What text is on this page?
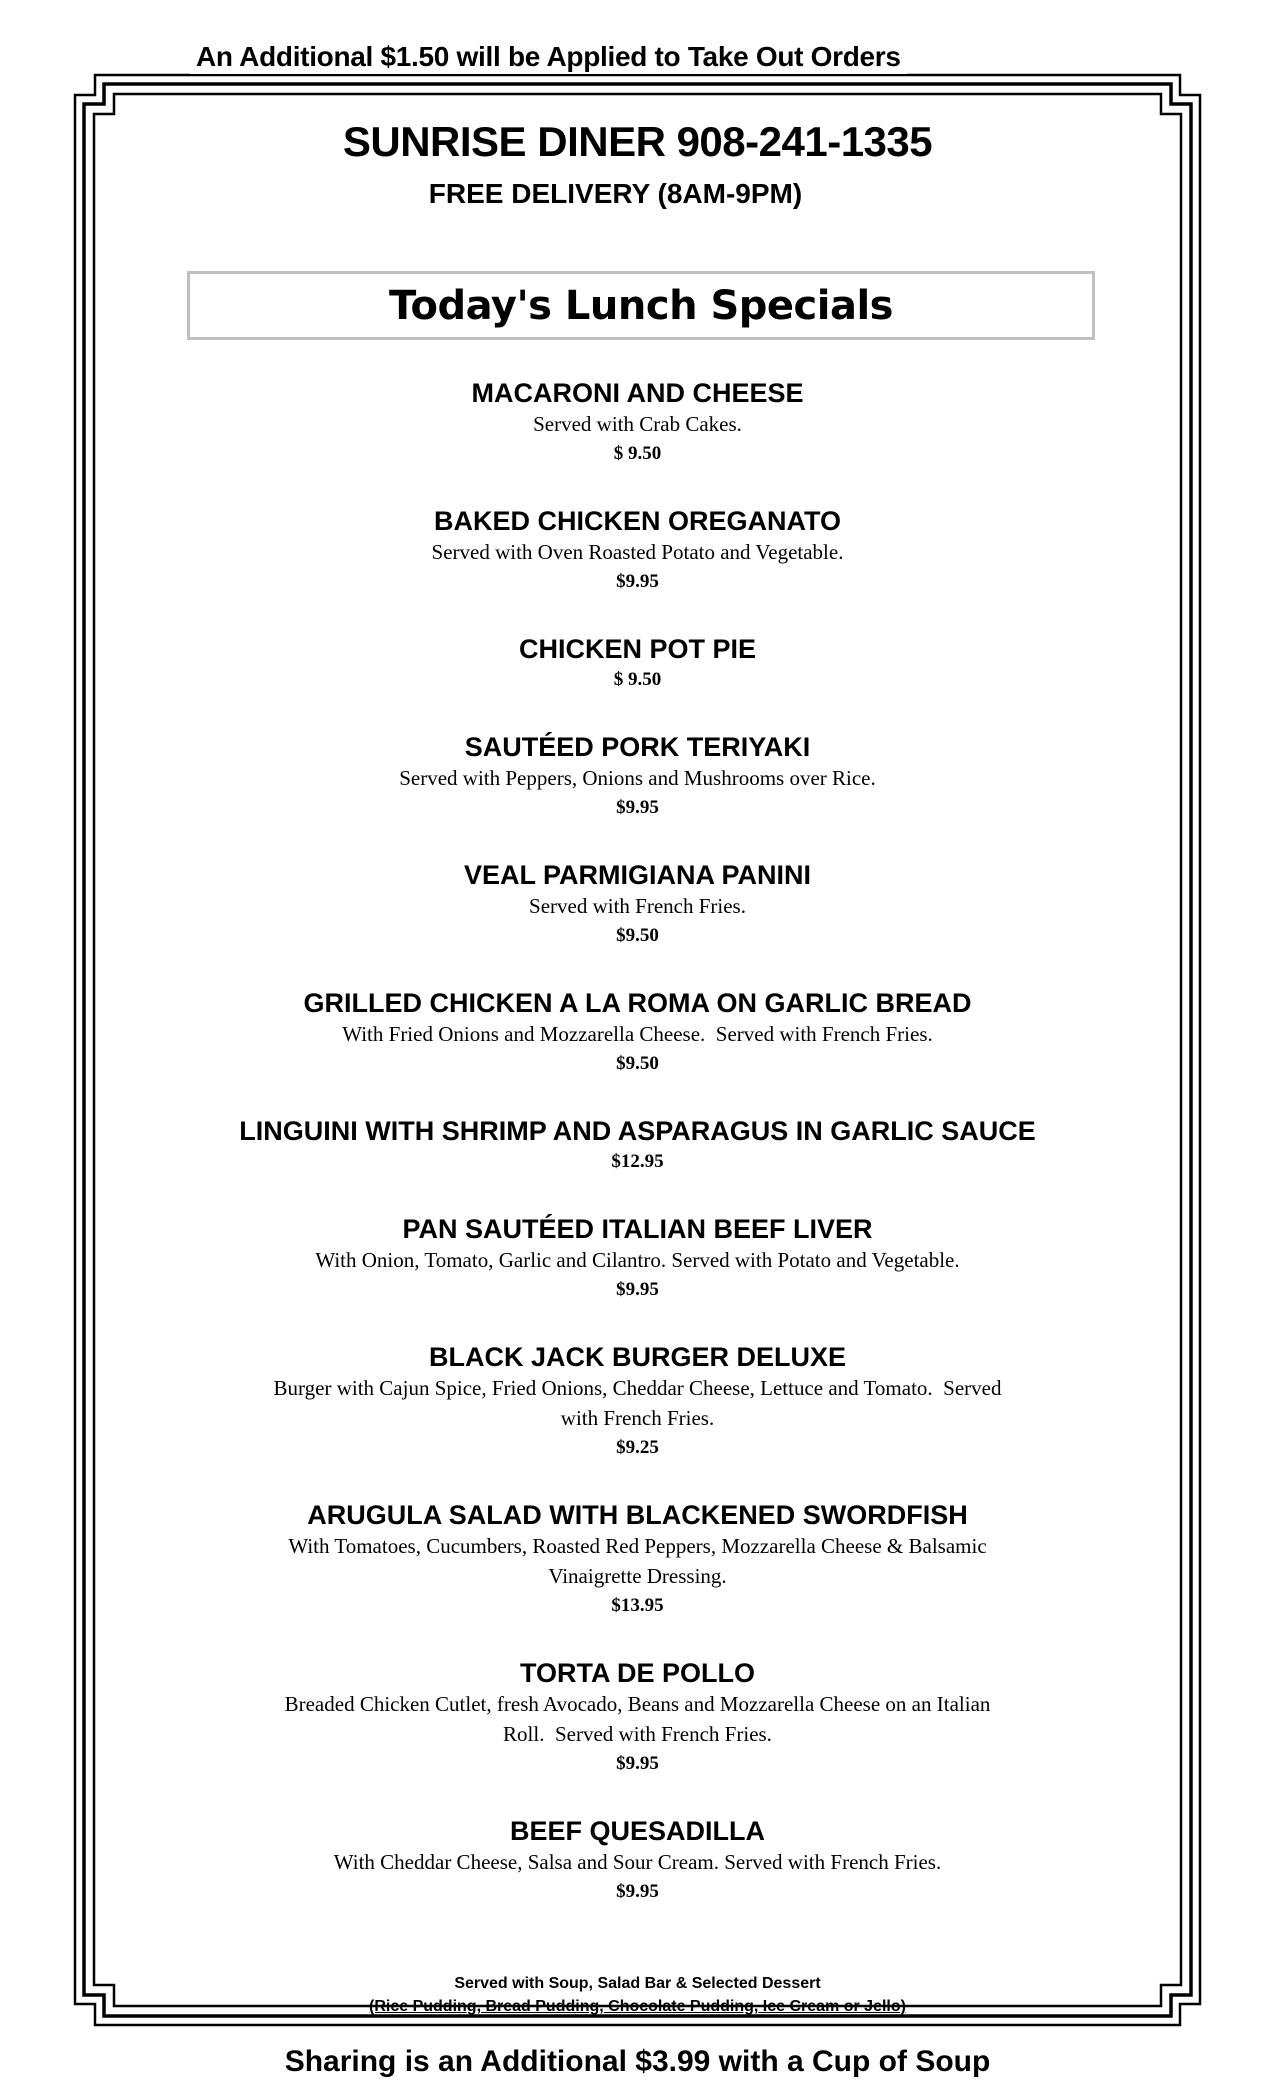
An Additional $1.50 will be Applied to Take Out Orders
SUNRISE DINER 908-241-1335
FREE DELIVERY (8AM-9PM)
Today's Lunch Specials
MACARONI AND CHEESE
Served with Crab Cakes.
$ 9.50
BAKED CHICKEN OREGANATO
Served with Oven Roasted Potato and Vegetable.
$9.95
CHICKEN POT PIE
$ 9.50
SAUTÉED PORK TERIYAKI
Served with Peppers, Onions and Mushrooms over Rice.
$9.95
VEAL PARMIGIANA PANINI
Served with French Fries.
$9.50
GRILLED CHICKEN A LA ROMA ON GARLIC BREAD
With Fried Onions and Mozzarella Cheese.  Served with French Fries.
$9.50
LINGUINI WITH SHRIMP AND ASPARAGUS IN GARLIC SAUCE
$12.95
PAN SAUTÉED ITALIAN BEEF LIVER
With Onion, Tomato, Garlic and Cilantro. Served with Potato and Vegetable.
$9.95
BLACK JACK BURGER DELUXE
Burger with Cajun Spice, Fried Onions, Cheddar Cheese, Lettuce and Tomato.  Served
with French Fries.
$9.25
ARUGULA SALAD WITH BLACKENED SWORDFISH
With Tomatoes, Cucumbers, Roasted Red Peppers, Mozzarella Cheese & Balsamic
Vinaigrette Dressing.
$13.95
TORTA DE POLLO
Breaded Chicken Cutlet, fresh Avocado, Beans and Mozzarella Cheese on an Italian
Roll.  Served with French Fries.
$9.95
BEEF QUESADILLA
With Cheddar Cheese, Salsa and Sour Cream. Served with French Fries.
$9.95
Served with Soup, Salad Bar & Selected Dessert
(Rice Pudding, Bread Pudding, Chocolate Pudding, Ice Cream or Jello)
Sharing is an Additional $3.99 with a Cup of Soup
